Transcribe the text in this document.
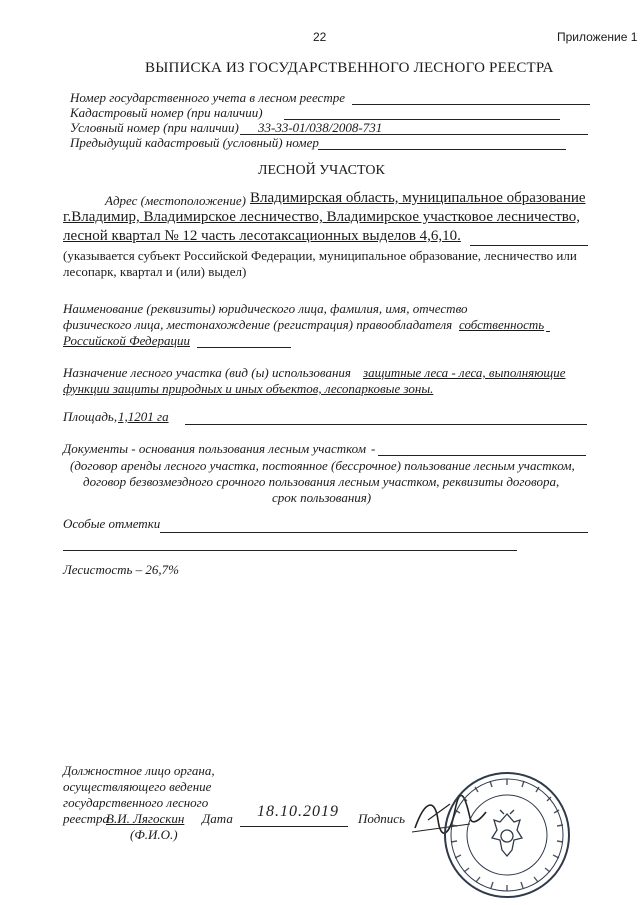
22	Приложение 1
ВЫПИСКА ИЗ ГОСУДАРСТВЕННОГО ЛЕСНОГО РЕЕСТРА
Номер государственного учета в лесном реестре
Кадастровый номер (при наличии)
Условный номер (при наличии) 33-33-01/038/2008-731
Предыдущий кадастровый (условный) номер
ЛЕСНОЙ УЧАСТОК
Адрес (местоположение) Владимирская область, муниципальное образование
г.Владимир, Владимирское лесничество, Владимирское участковое лесничество,
лесной квартал № 12 часть лесотаксационных выделов 4,6,10.
(указывается субъект Российской Федерации, муниципальное образование, лесничество или
лесопарк, квартал и (или) выдел)
Наименование (реквизиты) юридического лица, фамилия, имя, отчество
физического лица, местонахождение (регистрация) правообладателя собственность
Российской Федерации
Назначение лесного участка (вид (ы) использования защитные леса - леса, выполняющие
функции защиты природных и иных объектов, лесопарковые зоны.
Площадь, 1,1201 га
Документы - основания пользования лесным участком -
(договор аренды лесного участка, постоянное (бессрочное) пользование лесным участком,
договор безвозмездного срочного пользования лесным участком, реквизиты договора,
срок пользования)
Особые отметки
Лесистость – 26,7%
Должностное лицо органа,
осуществляющего ведение
государственного лесного
реестра
В.И. Лягоскин
(Ф.И.О.)
Дата 18.10.2019 Подпись
